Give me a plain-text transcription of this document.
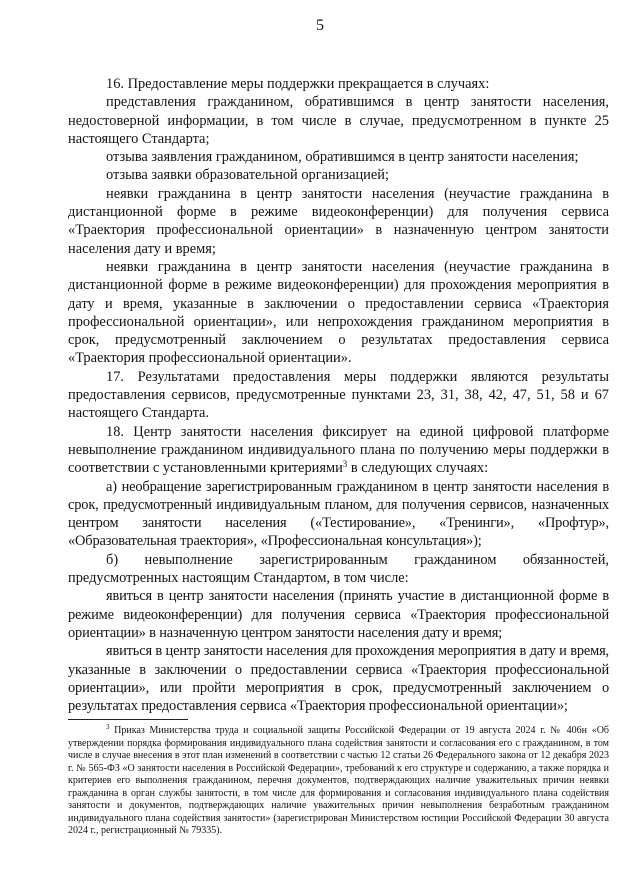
5

16. Предоставление меры поддержки прекращается в случаях:

представления гражданином, обратившимся в центр занятости населения, недостоверной информации, в том числе в случае, предусмотренном в пункте 25 настоящего Стандарта;

отзыва заявления гражданином, обратившимся в центр занятости населения;

отзыва заявки образовательной организацией;

неявки гражданина в центр занятости населения (неучастие гражданина в дистанционной форме в режиме видеоконференции) для получения сервиса «Траектория профессиональной ориентации» в назначенную центром занятости населения дату и время;

неявки гражданина в центр занятости населения (неучастие гражданина в дистанционной форме в режиме видеоконференции) для прохождения мероприятия в дату и время, указанные в заключении о предоставлении сервиса «Траектория профессиональной ориентации», или непрохождения гражданином мероприятия в срок, предусмотренный заключением о результатах предоставления сервиса «Траектория профессиональной ориентации».

17. Результатами предоставления меры поддержки являются результаты предоставления сервисов, предусмотренные пунктами 23, 31, 38, 42, 47, 51, 58 и 67 настоящего Стандарта.

18. Центр занятости населения фиксирует на единой цифровой платформе невыполнение гражданином индивидуального плана по получению меры поддержки в соответствии с установленными критериями$^3$ в следующих случаях:

а) необращение зарегистрированным гражданином в центр занятости населения в срок, предусмотренный индивидуальным планом, для получения сервисов, назначенных центром занятости населения («Тестирование», «Тренинги», «Профтур», «Образовательная траектория», «Профессиональная консультация»);

б) невыполнение зарегистрированным гражданином обязанностей, предусмотренных настоящим Стандартом, в том числе:

явиться в центр занятости населения (принять участие в дистанционной форме в режиме видеоконференции) для получения сервиса «Траектория профессиональной ориентации» в назначенную центром занятости населения дату и время;

явиться в центр занятости населения для прохождения мероприятия в дату и время, указанные в заключении о предоставлении сервиса «Траектория профессиональной ориентации», или пройти мероприятия в срок, предусмотренный заключением о результатах предоставления сервиса «Траектория профессиональной ориентации»;

$^3$ Приказ Министерства труда и социальной защиты Российской Федерации от 19 августа 2024 г. № 406н «Об утверждении порядка формирования индивидуального плана содействия занятости и согласования его с гражданином, в том числе в случае внесения в этот план изменений в соответствии с частью 12 статьи 26 Федерального закона от 12 декабря 2023 г. № 565-ФЗ «О занятости населения в Российской Федерации», требований к его структуре и содержанию, а также порядка и критериев его выполнения гражданином, перечня документов, подтверждающих наличие уважительных причин неявки гражданина в орган службы занятости, в том числе для формирования и согласования индивидуального плана содействия занятости и документов, подтверждающих наличие уважительных причин невыполнения безработным гражданином индивидуального плана содействия занятости» (зарегистрирован Министерством юстиции Российской Федерации 30 августа 2024 г., регистрационный № 79335).
